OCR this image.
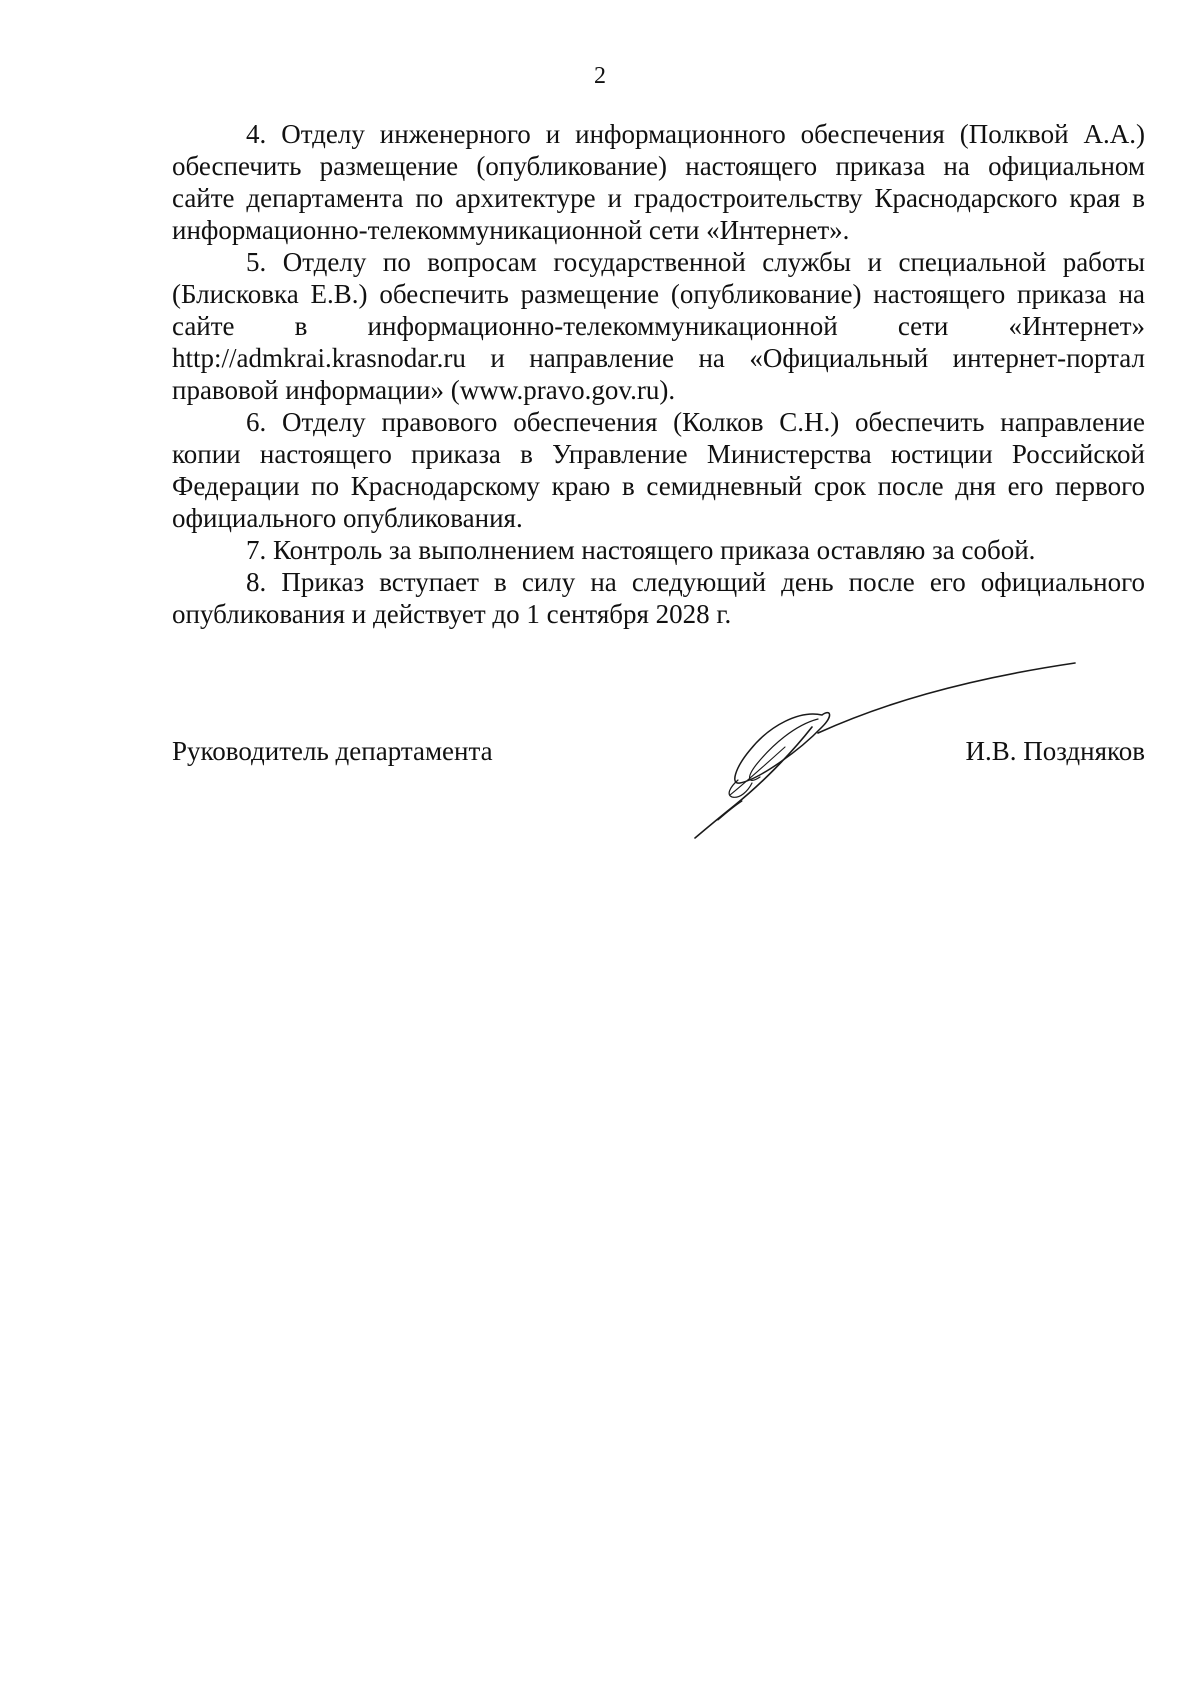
2

4. Отделу инженерного и информационного обеспечения (Полквой А.А.) обеспечить размещение (опубликование) настоящего приказа на официальном сайте департамента по архитектуре и градостроительству Краснодарского края в информационно-телекоммуникационной сети «Интернет».

5. Отделу по вопросам государственной службы и специальной работы (Блисковка Е.В.) обеспечить размещение (опубликование) настоящего приказа на сайте в информационно-телекоммуникационной сети «Интернет» http://admkrai.krasnodar.ru и направление на «Официальный интернет-портал правовой информации» (www.pravo.gov.ru).

6. Отделу правового обеспечения (Колков С.Н.) обеспечить направление копии настоящего приказа в Управление Министерства юстиции Российской Федерации по Краснодарскому краю в семидневный срок после дня его первого официального опубликования.

7. Контроль за выполнением настоящего приказа оставляю за собой.

8. Приказ вступает в силу на следующий день после его официального опубликования и действует до 1 сентября 2028 г.

Руководитель департамента	И.В. Поздняков
